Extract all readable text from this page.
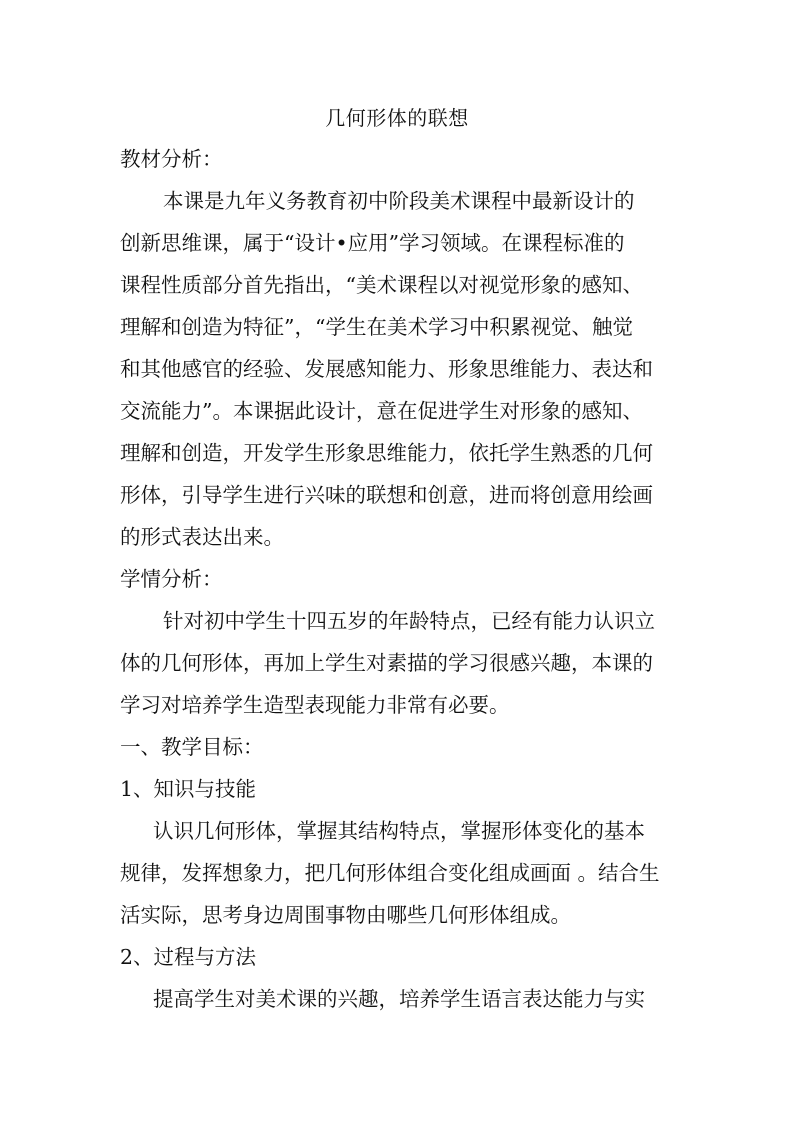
几何形体的联想
教材分析：
本课是九年义务教育初中阶段美术课程中最新设计的
创新思维课，属于“设计•应用”学习领域。在课程标准的
课程性质部分首先指出，“美术课程以对视觉形象的感知、
理解和创造为特征”，“学生在美术学习中积累视觉、触觉
和其他感官的经验、发展感知能力、形象思维能力、表达和
交流能力”。本课据此设计，意在促进学生对形象的感知、
理解和创造，开发学生形象思维能力，依托学生熟悉的几何
形体，引导学生进行兴味的联想和创意，进而将创意用绘画
的形式表达出来。
学情分析：
针对初中学生十四五岁的年龄特点，已经有能力认识立
体的几何形体，再加上学生对素描的学习很感兴趣，本课的
学习对培养学生造型表现能力非常有必要。
一、教学目标：
1、知识与技能
认识几何形体，掌握其结构特点，掌握形体变化的基本
规律，发挥想象力，把几何形体组合变化组成画面 。结合生
活实际，思考身边周围事物由哪些几何形体组成。
2、过程与方法
提高学生对美术课的兴趣，培养学生语言表达能力与实
